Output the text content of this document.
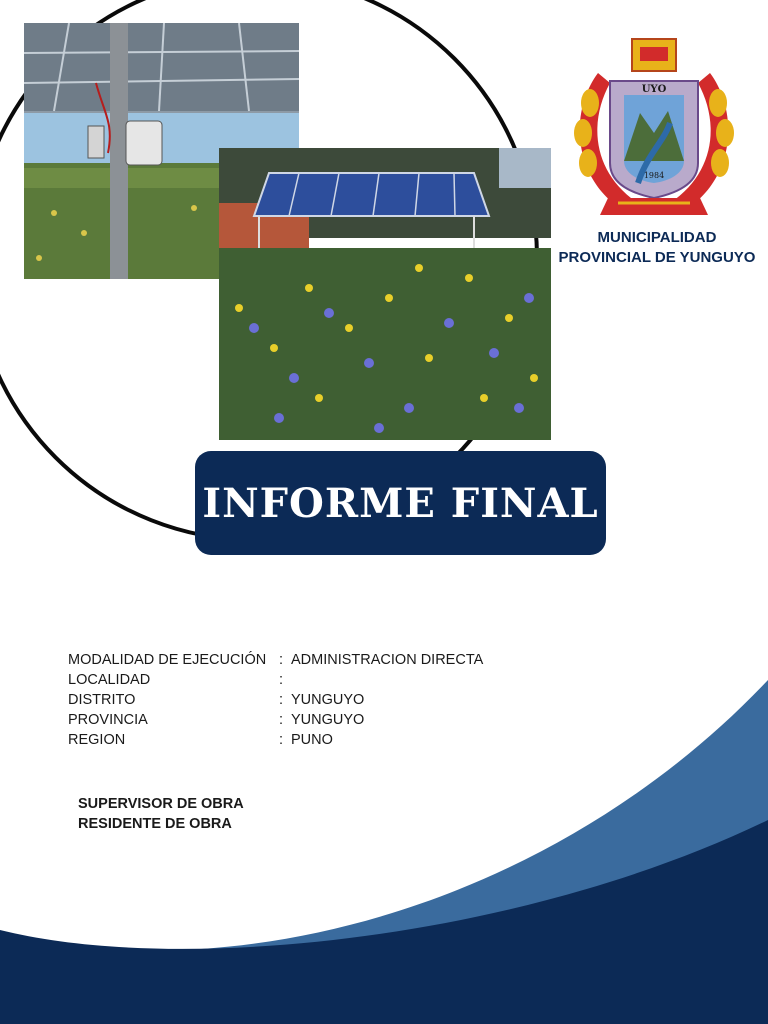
UYO
1984
MUNICIPALIDAD
PROVINCIAL DE YUNGUYO
INFORME FINAL
MODALIDAD DE EJECUCIÓN : ADMINISTRACION DIRECTA
LOCALIDAD	:
DISTRITO	: YUNGUYO
PROVINCIA	: YUNGUYO
REGION	: PUNO
SUPERVISOR DE OBRA
RESIDENTE DE OBRA
